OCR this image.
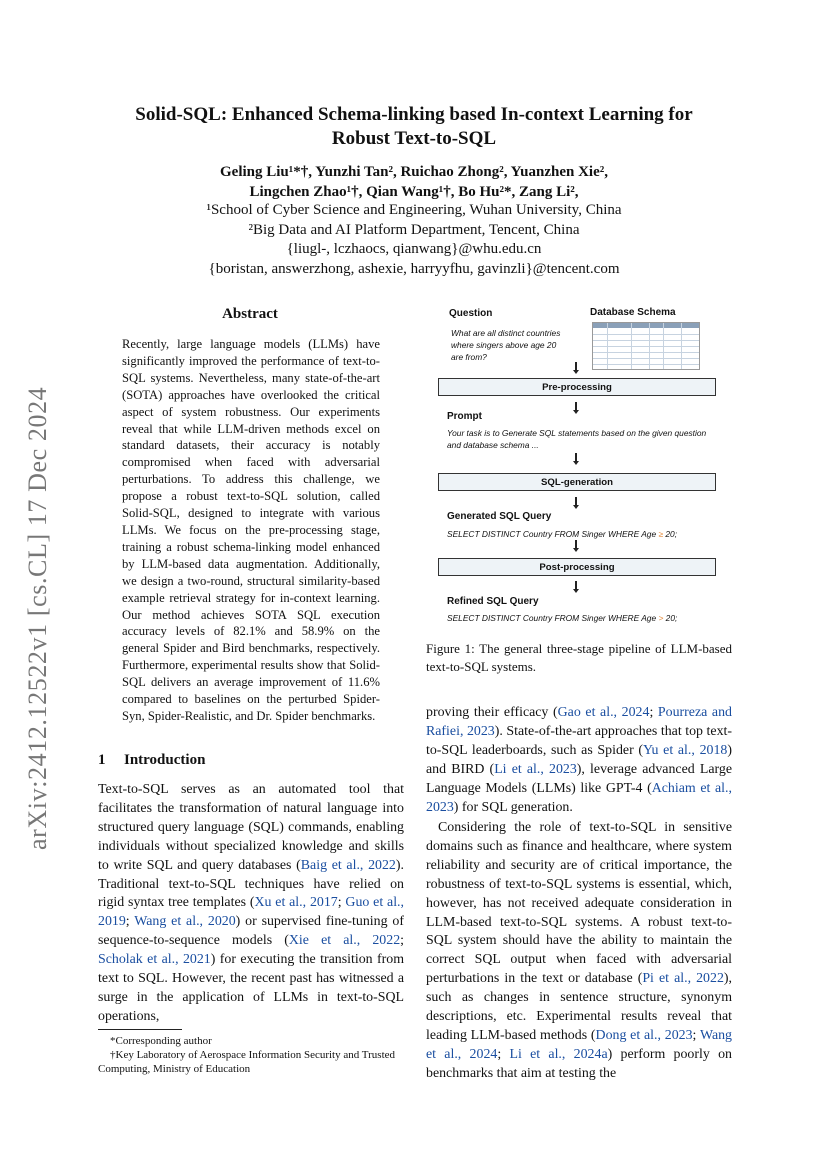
arXiv:2412.12522v1 [cs.CL] 17 Dec 2024
Solid-SQL: Enhanced Schema-linking based In-context Learning for
Robust Text-to-SQL
Geling Liu¹*†, Yunzhi Tan², Ruichao Zhong², Yuanzhen Xie²,
Lingchen Zhao¹†, Qian Wang¹†, Bo Hu²*, Zang Li²,
¹School of Cyber Science and Engineering, Wuhan University, China
²Big Data and AI Platform Department, Tencent, China
{liugl-, lczhaocs, qianwang}@whu.edu.cn
{boristan, answerzhong, ashexie, harryyfhu, gavinzli}@tencent.com
Abstract
Recently, large language models (LLMs) have significantly improved the performance of text-to-SQL systems. Nevertheless, many state-of-the-art (SOTA) approaches have overlooked the critical aspect of system robustness. Our experiments reveal that while LLM-driven methods excel on standard datasets, their accuracy is notably compromised when faced with adversarial perturbations. To address this challenge, we propose a robust text-to-SQL solution, called Solid-SQL, designed to integrate with various LLMs. We focus on the pre-processing stage, training a robust schema-linking model enhanced by LLM-based data augmentation. Additionally, we design a two-round, structural similarity-based example retrieval strategy for in-context learning. Our method achieves SOTA SQL execution accuracy levels of 82.1% and 58.9% on the general Spider and Bird benchmarks, respectively. Furthermore, experimental results show that Solid-SQL delivers an average improvement of 11.6% compared to baselines on the perturbed Spider-Syn, Spider-Realistic, and Dr. Spider benchmarks.
1 Introduction
Text-to-SQL serves as an automated tool that facilitates the transformation of natural language into structured query language (SQL) commands, enabling individuals without specialized knowledge and skills to write SQL and query databases (Baig et al., 2022). Traditional text-to-SQL techniques have relied on rigid syntax tree templates (Xu et al., 2017; Guo et al., 2019; Wang et al., 2020) or supervised fine-tuning of sequence-to-sequence models (Xie et al., 2022; Scholak et al., 2021) for executing the transition from text to SQL. However, the recent past has witnessed a surge in the application of LLMs in text-to-SQL operations,
*Corresponding author
†Key Laboratory of Aerospace Information Security and Trusted Computing, Ministry of Education
Question	Database Schema
What are all distinct countries where singers above age 20 are from?
Pre-processing
Prompt
Your task is to Generate SQL statements based on the given question and database schema ...
SQL-generation
Generated SQL Query
SELECT DISTINCT Country FROM Singer WHERE Age ≥ 20;
Post-processing
Refined SQL Query
SELECT DISTINCT Country FROM Singer WHERE Age > 20;
Figure 1: The general three-stage pipeline of LLM-based text-to-SQL systems.
proving their efficacy (Gao et al., 2024; Pourreza and Rafiei, 2023). State-of-the-art approaches that top text-to-SQL leaderboards, such as Spider (Yu et al., 2018) and BIRD (Li et al., 2023), leverage advanced Large Language Models (LLMs) like GPT-4 (Achiam et al., 2023) for SQL generation.
Considering the role of text-to-SQL in sensitive domains such as finance and healthcare, where system reliability and security are of critical importance, the robustness of text-to-SQL systems is essential, which, however, has not received adequate consideration in LLM-based text-to-SQL systems. A robust text-to-SQL system should have the ability to maintain the correct SQL output when faced with adversarial perturbations in the text or database (Pi et al., 2022), such as changes in sentence structure, synonym descriptions, etc. Experimental results reveal that leading LLM-based methods (Dong et al., 2023; Wang et al., 2024; Li et al., 2024a) perform poorly on benchmarks that aim at testing the
